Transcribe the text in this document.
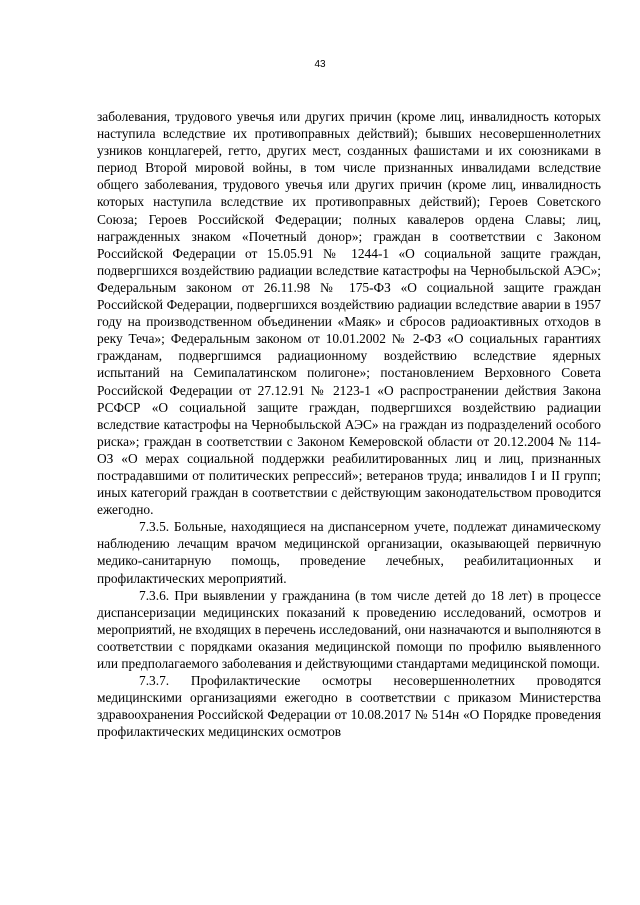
43

заболевания, трудового увечья или других причин (кроме лиц, инвалидность которых наступила вследствие их противоправных действий); бывших несовершеннолетних узников концлагерей, гетто, других мест, созданных фашистами и их союзниками в период Второй мировой войны, в том числе признанных инвалидами вследствие общего заболевания, трудового увечья или других причин (кроме лиц, инвалидность которых наступила вследствие их противоправных действий); Героев Советского Союза; Героев Российской Федерации; полных кавалеров ордена Славы; лиц, награжденных знаком «Почетный донор»; граждан в соответствии с Законом Российской Федерации от 15.05.91 № 1244-1 «О социальной защите граждан, подвергшихся воздействию радиации вследствие катастрофы на Чернобыльской АЭС»; Федеральным законом от 26.11.98 № 175-ФЗ «О социальной защите граждан Российской Федерации, подвергшихся воздействию радиации вследствие аварии в 1957 году на производственном объединении «Маяк» и сбросов радиоактивных отходов в реку Теча»; Федеральным законом от 10.01.2002 № 2-ФЗ «О социальных гарантиях гражданам, подвергшимся радиационному воздействию вследствие ядерных испытаний на Семипалатинском полигоне»; постановлением Верховного Совета Российской Федерации от 27.12.91 № 2123-1 «О распространении действия Закона РСФСР «О социальной защите граждан, подвергшихся воздействию радиации вследствие катастрофы на Чернобыльской АЭС» на граждан из подразделений особого риска»; граждан в соответствии с Законом Кемеровской области от 20.12.2004 № 114-ОЗ «О мерах социальной поддержки реабилитированных лиц и лиц, признанных пострадавшими от политических репрессий»; ветеранов труда; инвалидов I и II групп; иных категорий граждан в соответствии с действующим законодательством проводится ежегодно.

7.3.5. Больные, находящиеся на диспансерном учете, подлежат динамическому наблюдению лечащим врачом медицинской организации, оказывающей первичную медико-санитарную помощь, проведение лечебных, реабилитационных и профилактических мероприятий.

7.3.6. При выявлении у гражданина (в том числе детей до 18 лет) в процессе диспансеризации медицинских показаний к проведению исследований, осмотров и мероприятий, не входящих в перечень исследований, они назначаются и выполняются в соответствии с порядками оказания медицинской помощи по профилю выявленного или предполагаемого заболевания и действующими стандартами медицинской помощи.

7.3.7. Профилактические осмотры несовершеннолетних проводятся медицинскими организациями ежегодно в соответствии с приказом Министерства здравоохранения Российской Федерации от 10.08.2017 № 514н «О Порядке проведения профилактических медицинских осмотров
